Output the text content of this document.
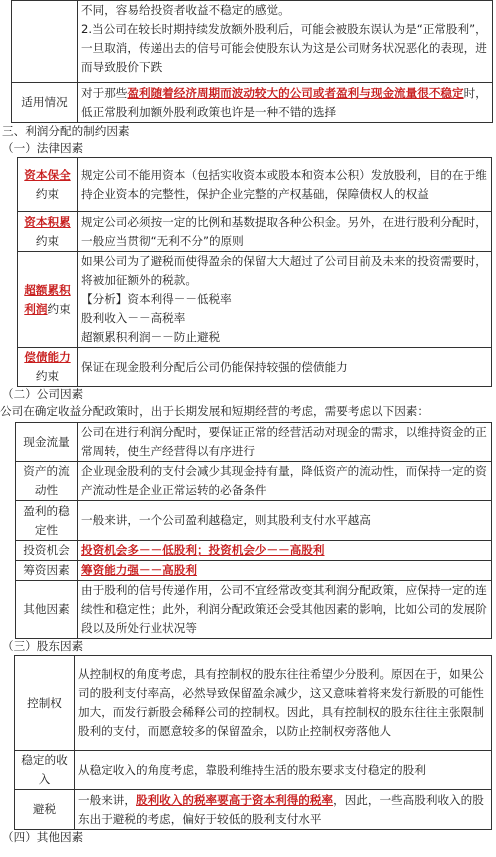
	不同，容易给投资者收益不稳定的感觉。
2.当公司在较长时期持续发放额外股利后，可能会被股东误认为是“正常股利”，一旦取消，传递出去的信号可能会使股东认为这是公司财务状况恶化的表现，进而导致股价下跌

适用情况	对于那些盈利随着经济周期而波动较大的公司或者盈利与现金流量很不稳定时，低正常股利加额外股利政策也许是一种不错的选择
三、利润分配的制约因素
（一）法律因素
资本保全
约束	规定公司不能用资本（包括实收资本或股本和资本公积）发放股利，目的在于维持企业资本的完整性，保护企业完整的产权基础，保障债权人的权益

资本积累
约束	规定公司必须按一定的比例和基数提取各种公积金。另外，在进行股利分配时，一般应当贯彻“无利不分”的原则
超额累积利润约束	如果公司为了避税而使得盈余的保留大大超过了公司目前及未来的投资需要时，将被加征额外的税款。
【分析】资本利得－－低税率
股利收入－－高税率
超额累积利润－－防止避税

偿债能力
约束	保证在现金股利分配后公司仍能保持较强的偿债能力
（二）公司因素
公司在确定收益分配政策时，出于长期发展和短期经营的考虑，需要考虑以下因素：
现金流量	公司在进行利润分配时，要保证正常的经营活动对现金的需求，以维持资金的正常周转，使生产经营得以有序进行
资产的流动性	企业现金股利的支付会减少其现金持有量，降低资产的流动性，而保持一定的资产流动性是企业正常运转的必备条件
盈利的稳定性	一般来讲，一个公司盈利越稳定，则其股利支付水平越高
投资机会	投资机会多－－低股利；投资机会少－－高股利
筹资因素	筹资能力强－－高股利
其他因素	由于股利的信号传递作用，公司不宜经常改变其利润分配政策，应保持一定的连续性和稳定性；此外，利润分配政策还会受其他因素的影响，比如公司的发展阶段以及所处行业状况等
（三）股东因素
控制权	从控制权的角度考虑，具有控制权的股东往往希望少分股利。原因在于，如果公司的股利支付率高，必然导致保留盈余减少，这又意味着将来发行新股的可能性加大，而发行新股会稀释公司的控制权。因此，具有控制权的股东往往主张限制股利的支付，而愿意较多的保留盈余，以防止控制权旁落他人
稳定的收入	从稳定收入的角度考虑，靠股利维持生活的股东要求支付稳定的股利
避税	一般来讲，股利收入的税率要高于资本利得的税率，因此，一些高股利收入的股东出于避税的考虑，偏好于较低的股利支付水平
（四）其他因素
